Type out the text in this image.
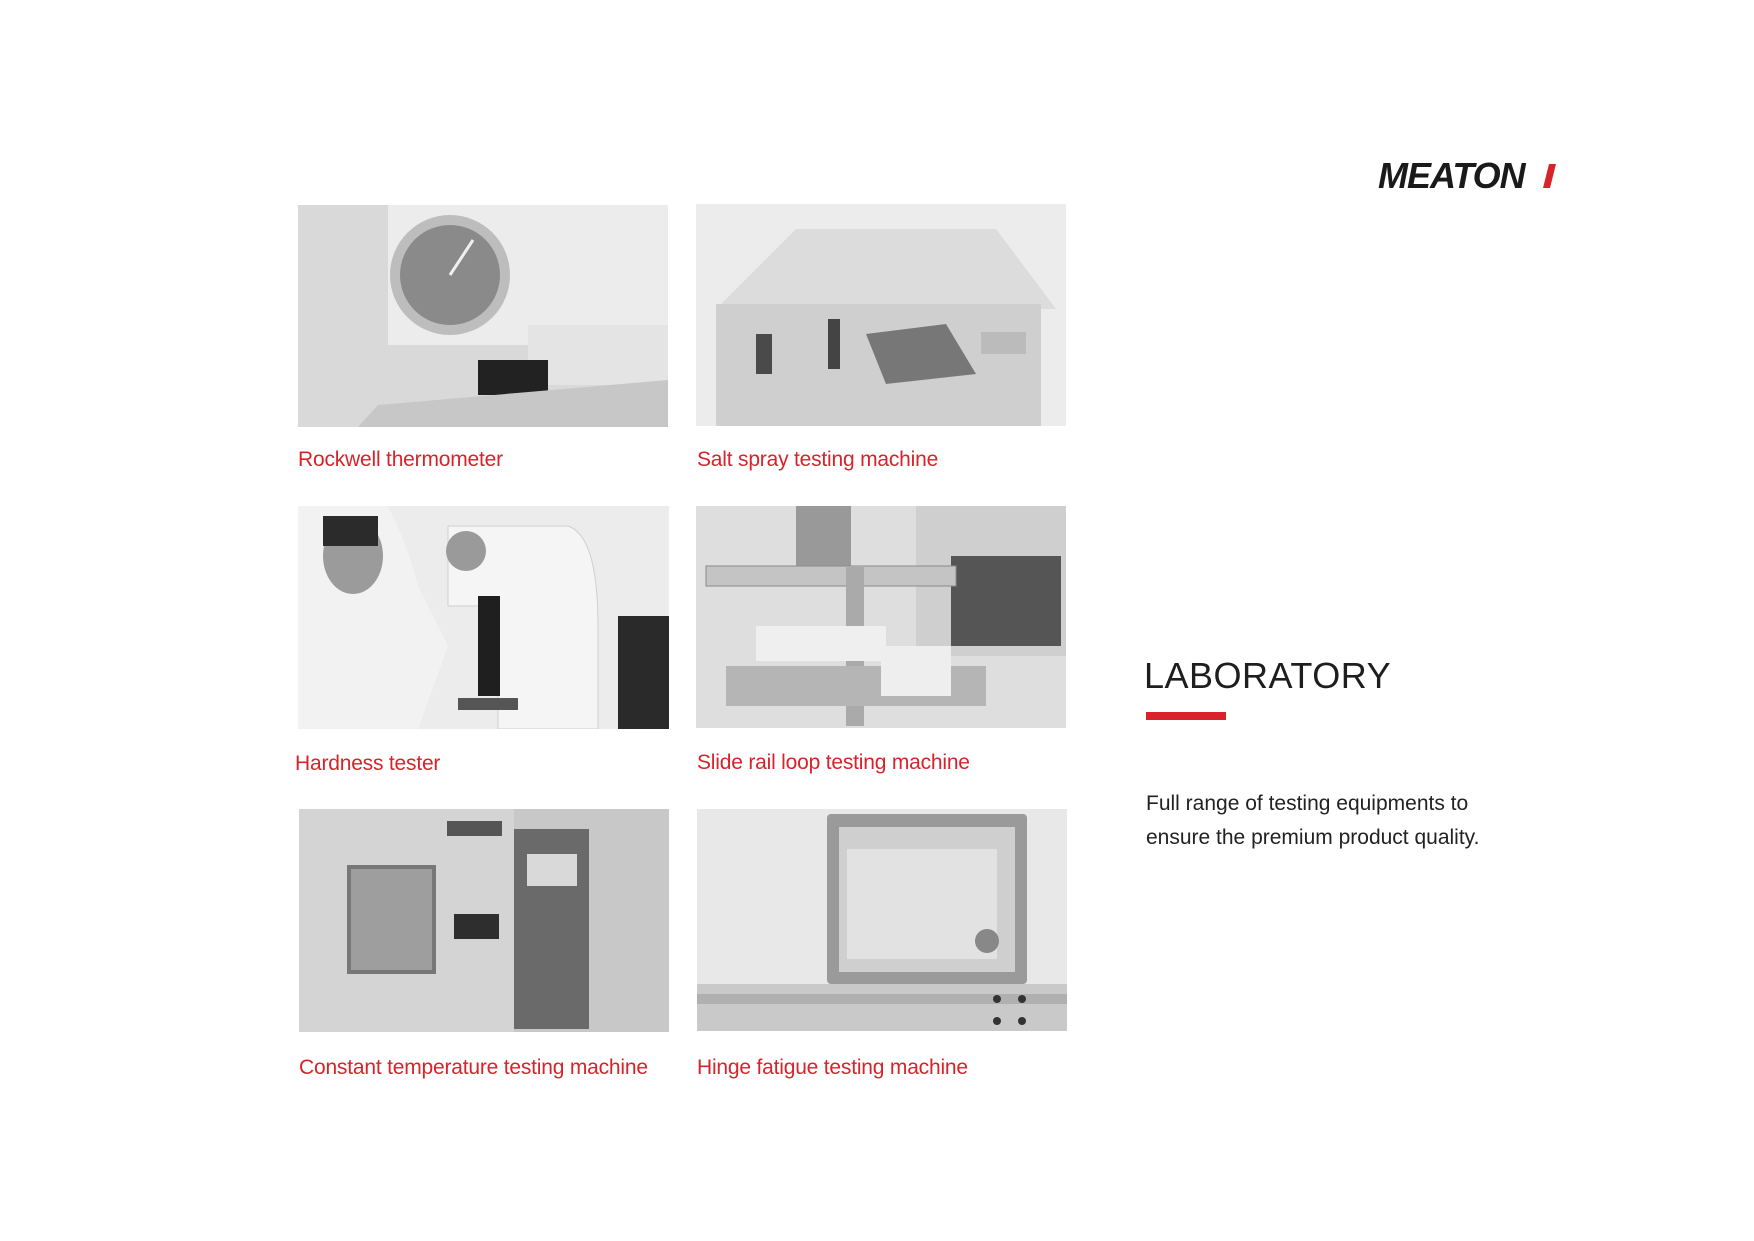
MEATON
Rockwell thermometer	Salt spray testing machine
Hardness tester	Slide rail loop testing machine
Constant temperature testing machine Hinge fatigue testing machine
LABORATORY
Full range of testing equipments to
ensure the premium product quality.
